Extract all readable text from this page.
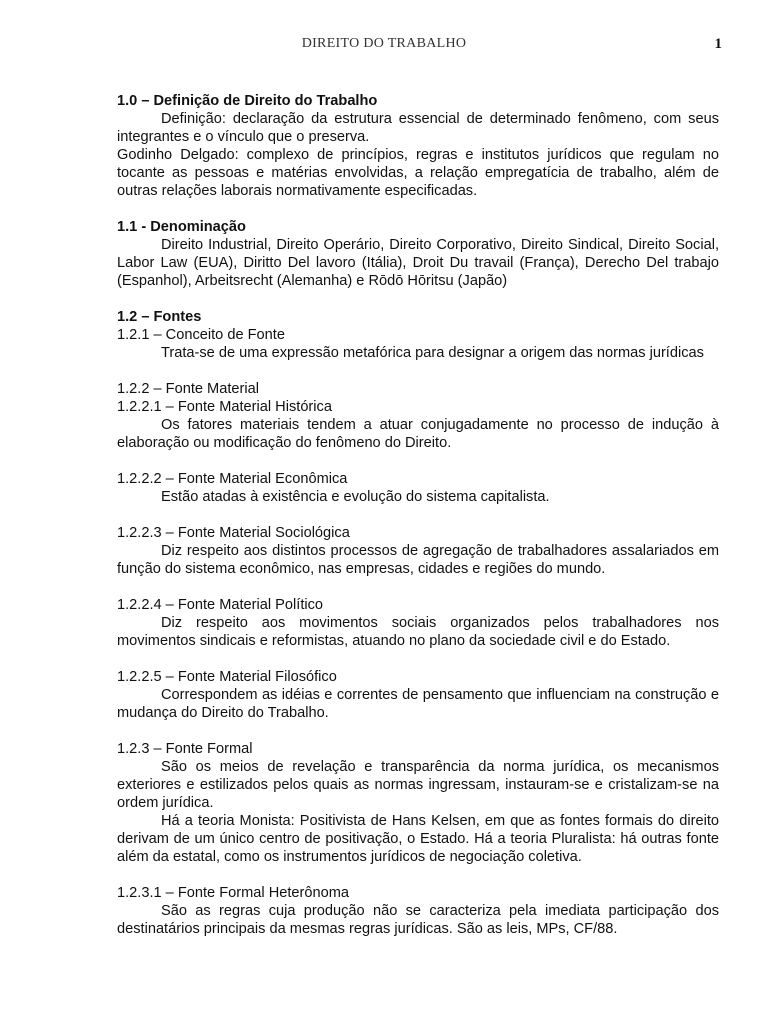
DIREITO DO TRABALHO	1

1.0 – Definição de Direito do Trabalho

Definição: declaração da estrutura essencial de determinado fenômeno, com seus integrantes e o vínculo que o preserva.

Godinho Delgado: complexo de princípios, regras e institutos jurídicos que regulam no tocante as pessoas e matérias envolvidas, a relação empregatícia de trabalho, além de outras relações laborais normativamente especificadas.

1.1 - Denominação

Direito Industrial, Direito Operário, Direito Corporativo, Direito Sindical, Direito Social, Labor Law (EUA), Diritto Del lavoro (Itália), Droit Du travail (França), Derecho Del trabajo (Espanhol), Arbeitsrecht (Alemanha) e Rōdō Hōritsu (Japão)

1.2 – Fontes

1.2.1 – Conceito de Fonte

Trata-se de uma expressão metafórica para designar a origem das normas jurídicas

1.2.2 – Fonte Material

1.2.2.1 – Fonte Material Histórica

Os fatores materiais tendem a atuar conjugadamente no processo de indução à elaboração ou modificação do fenômeno do Direito.

1.2.2.2 – Fonte Material Econômica

Estão atadas à existência e evolução do sistema capitalista.

1.2.2.3 – Fonte Material Sociológica

Diz respeito aos distintos processos de agregação de trabalhadores assalariados em função do sistema econômico, nas empresas, cidades e regiões do mundo.

1.2.2.4 – Fonte Material Político

Diz respeito aos movimentos sociais organizados pelos trabalhadores nos movimentos sindicais e reformistas, atuando no plano da sociedade civil e do Estado.

1.2.2.5 – Fonte Material Filosófico

Correspondem as idéias e correntes de pensamento que influenciam na construção e mudança do Direito do Trabalho.

1.2.3 – Fonte Formal

São os meios de revelação e transparência da norma jurídica, os mecanismos exteriores e estilizados pelos quais as normas ingressam, instauram-se e cristalizam-se na ordem jurídica.

Há a teoria Monista: Positivista de Hans Kelsen, em que as fontes formais do direito derivam de um único centro de positivação, o Estado. Há a teoria Pluralista: há outras fonte além da estatal, como os instrumentos jurídicos de negociação coletiva.

1.2.3.1 – Fonte Formal Heterônoma

São as regras cuja produção não se caracteriza pela imediata participação dos destinatários principais da mesmas regras jurídicas. São as leis, MPs, CF/88.
